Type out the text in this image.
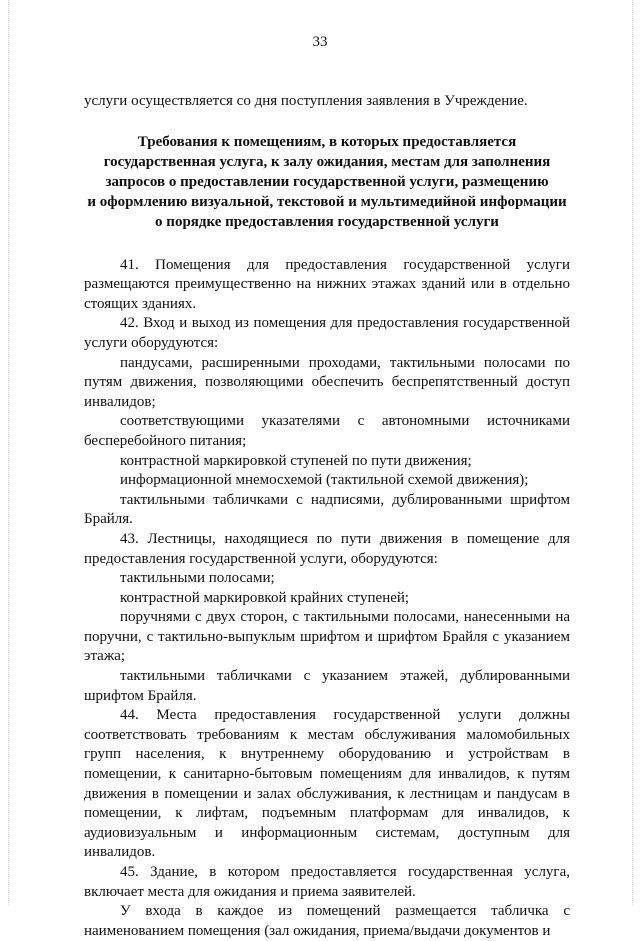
33

услуги осуществляется со дня поступления заявления в Учреждение.

Требования к помещениям, в которых предоставляется
государственная услуга, к залу ожидания, местам для заполнения
запросов о предоставлении государственной услуги, размещению
и оформлению визуальной, текстовой и мультимедийной информации
о порядке предоставления государственной услуги

41. Помещения для предоставления государственной услуги размещаются преимущественно на нижних этажах зданий или в отдельно стоящих зданиях.

42. Вход и выход из помещения для предоставления государственной услуги оборудуются:

пандусами, расширенными проходами, тактильными полосами по путям движения, позволяющими обеспечить беспрепятственный доступ инвалидов;

соответствующими указателями с автономными источниками бесперебойного питания;

контрастной маркировкой ступеней по пути движения;

информационной мнемосхемой (тактильной схемой движения);

тактильными табличками с надписями, дублированными шрифтом Брайля.

43. Лестницы, находящиеся по пути движения в помещение для предоставления государственной услуги, оборудуются:

тактильными полосами;

контрастной маркировкой крайних ступеней;

поручнями с двух сторон, с тактильными полосами, нанесенными на поручни, с тактильно-выпуклым шрифтом и шрифтом Брайля с указанием этажа;

тактильными табличками с указанием этажей, дублированными шрифтом Брайля.

44. Места предоставления государственной услуги должны соответствовать требованиям к местам обслуживания маломобильных групп населения, к внутреннему оборудованию и устройствам в помещении, к санитарно-бытовым помещениям для инвалидов, к путям движения в помещении и залах обслуживания, к лестницам и пандусам в помещении, к лифтам, подъемным платформам для инвалидов, к аудиовизуальным и информационным системам, доступным для инвалидов.

45. Здание, в котором предоставляется государственная услуга, включает места для ожидания и приема заявителей.

У входа в каждое из помещений размещается табличка с наименованием помещения (зал ожидания, приема/выдачи документов и
